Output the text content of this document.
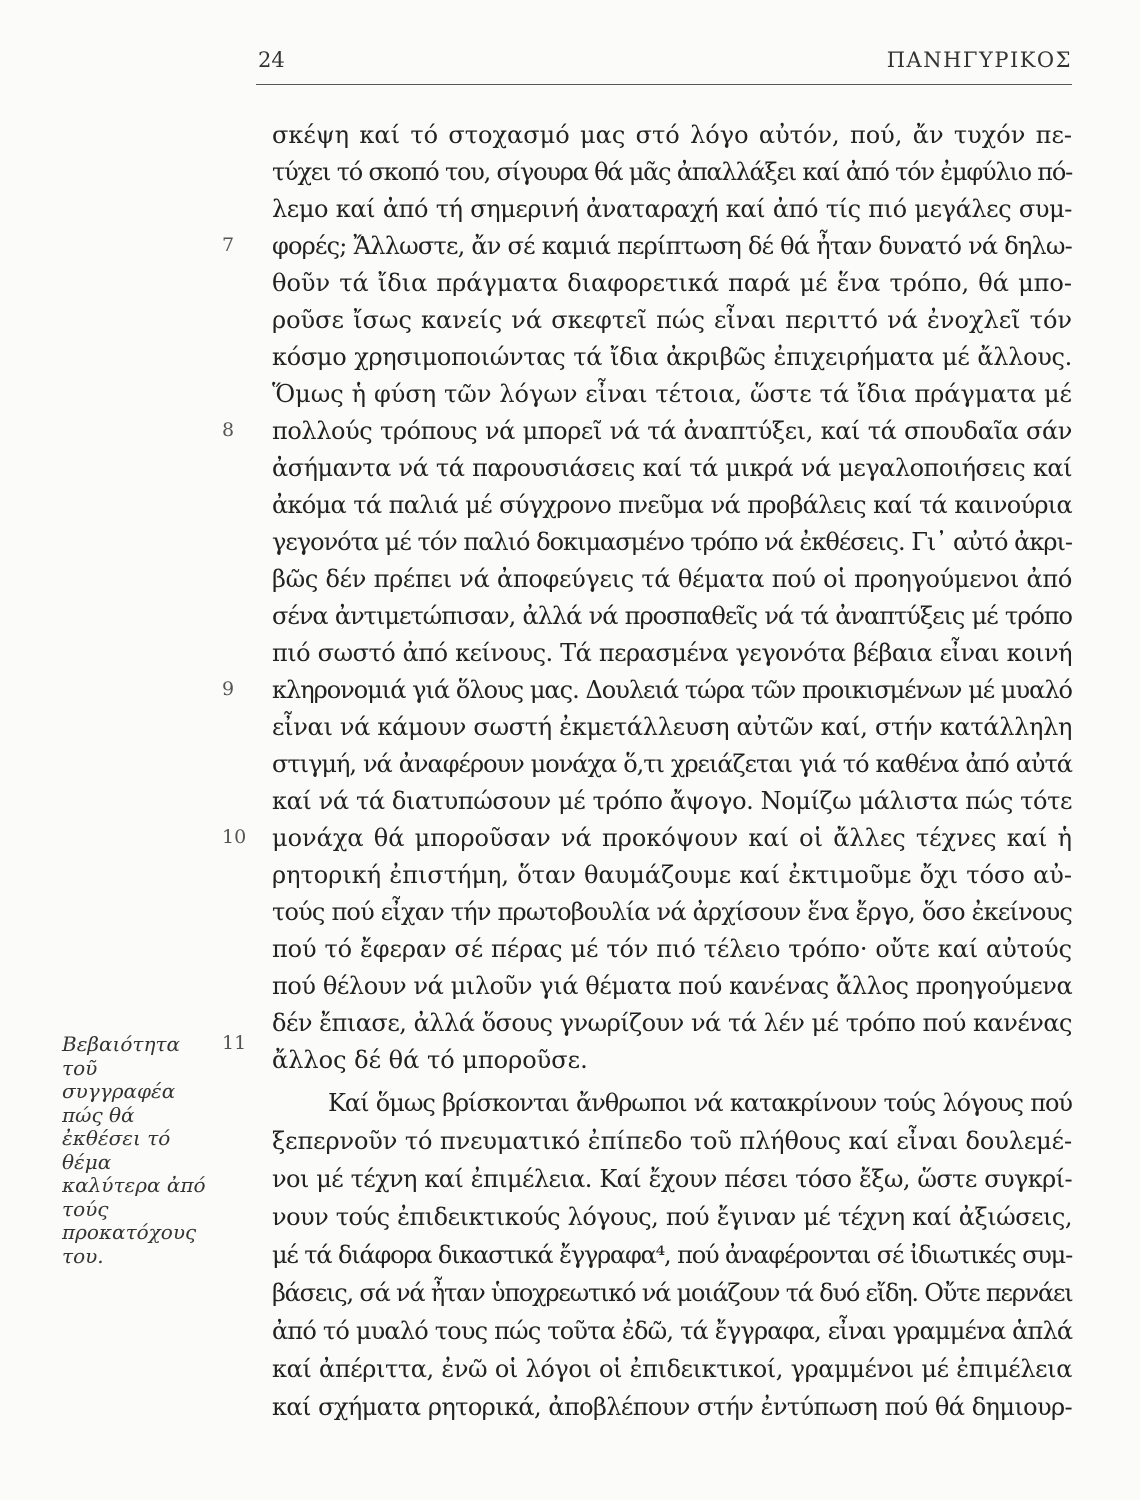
24	ΠΑΝΗΓΥΡΙΚΟΣ
σκέψη καί τό στοχασμό μας στό λόγο αὐτόν, πού, ἄν τυχόν πε-
τύχει τό σκοπό του, σίγουρα θά μᾶς ἀπαλλάξει καί ἀπό τόν ἐμφύλιο πό-
λεμο καί ἀπό τή σημερινή ἀναταραχή καί ἀπό τίς πιό μεγάλες συμ-
φορές; Ἄλλωστε, ἄν σέ καμιά περίπτωση δέ θά ἦταν δυνατό νά δηλω-
θοῦν τά ἴδια πράγματα διαφορετικά παρά μέ ἕνα τρόπο, θά μπο-
ροῦσε ἴσως κανείς νά σκεφτεῖ πώς εἶναι περιττό νά ἐνοχλεῖ τόν
κόσμο χρησιμοποιώντας τά ἴδια ἀκριβῶς ἐπιχειρήματα μέ ἄλλους.
Ὅμως ἡ φύση τῶν λόγων εἶναι τέτοια, ὥστε τά ἴδια πράγματα μέ
πολλούς τρόπους νά μπορεῖ νά τά ἀναπτύξει, καί τά σπουδαῖα σάν
ἀσήμαντα νά τά παρουσιάσεις καί τά μικρά νά μεγαλοποιήσεις καί
ἀκόμα τά παλιά μέ σύγχρονο πνεῦμα νά προβάλεις καί τά καινούρια
γεγονότα μέ τόν παλιό δοκιμασμένο τρόπο νά ἐκθέσεις. Γι᾽ αὐτό ἀκρι-
βῶς δέν πρέπει νά ἀποφεύγεις τά θέματα πού οἱ προηγούμενοι ἀπό
σένα ἀντιμετώπισαν, ἀλλά νά προσπαθεῖς νά τά ἀναπτύξεις μέ τρόπο
πιό σωστό ἀπό κείνους. Τά περασμένα γεγονότα βέβαια εἶναι κοινή
κληρονομιά γιά ὅλους μας. Δουλειά τώρα τῶν προικισμένων μέ μυαλό
εἶναι νά κάμουν σωστή ἐκμετάλλευση αὐτῶν καί, στήν κατάλληλη
στιγμή, νά ἀναφέρουν μονάχα ὅ,τι χρειάζεται γιά τό καθένα ἀπό αὐτά
καί νά τά διατυπώσουν μέ τρόπο ἄψογο. Νομίζω μάλιστα πώς τότε
μονάχα θά μποροῦσαν νά προκόψουν καί οἱ ἄλλες τέχνες καί ἡ
ρητορική ἐπιστήμη, ὅταν θαυμάζουμε καί ἐκτιμοῦμε ὄχι τόσο αὐ-
τούς πού εἶχαν τήν πρωτοβουλία νά ἀρχίσουν ἕνα ἔργο, ὅσο ἐκείνους
πού τό ἔφεραν σέ πέρας μέ τόν πιό τέλειο τρόπο· οὔτε καί αὐτούς
πού θέλουν νά μιλοῦν γιά θέματα πού κανένας ἄλλος προηγούμενα
δέν ἔπιασε, ἀλλά ὅσους γνωρίζουν νά τά λέν μέ τρόπο πού κανένας
ἄλλος δέ θά τό μποροῦσε.
Καί ὅμως βρίσκονται ἄνθρωποι νά κατακρίνουν τούς λόγους πού
ξεπερνοῦν τό πνευματικό ἐπίπεδο τοῦ πλήθους καί εἶναι δουλεμέ-
νοι μέ τέχνη καί ἐπιμέλεια. Καί ἔχουν πέσει τόσο ἔξω, ὥστε συγκρί-
νουν τούς ἐπιδεικτικούς λόγους, πού ἔγιναν μέ τέχνη καί ἀξιώσεις,
μέ τά διάφορα δικαστικά ἔγγραφα⁴, πού ἀναφέρονται σέ ἰδιωτικές συμ-
βάσεις, σά νά ἦταν ὑποχρεωτικό νά μοιάζουν τά δυό εἴδη. Οὔτε περνάει
ἀπό τό μυαλό τους πώς τοῦτα ἐδῶ, τά ἔγγραφα, εἶναι γραμμένα ἁπλά
καί ἀπέριττα, ἐνῶ οἱ λόγοι οἱ ἐπιδεικτικοί, γραμμένοι μέ ἐπιμέλεια
καί σχήματα ρητορικά, ἀποβλέπουν στήν ἐντύπωση πού θά δημιουρ-
7
8
9
10
11
Βεβαιότητα
τοῦ
συγγραφέα
πώς θά
ἐκθέσει τό
θέμα
καλύτερα ἀπό
τούς
προκατόχους
του.
